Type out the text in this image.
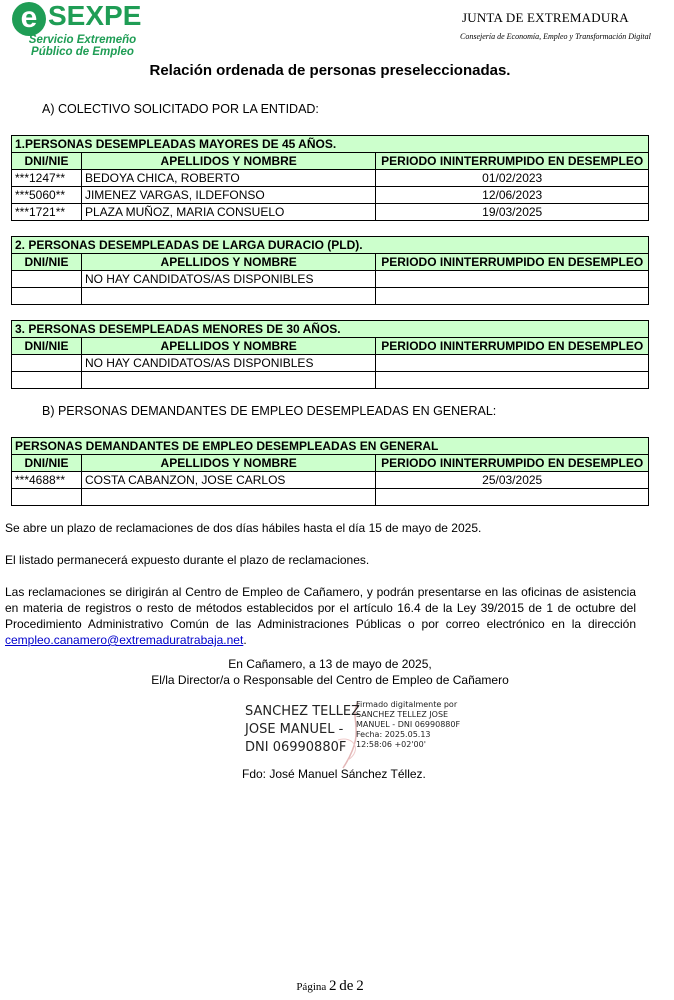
e SEXPE
Servicio Extremeño
Público de Empleo
JUNTA DE EXTREMADURA
Consejería de Economía, Empleo y Transformación Digital
Relación ordenada de personas preseleccionadas.
A) COLECTIVO SOLICITADO POR LA ENTIDAD:
1.PERSONAS DESEMPLEADAS MAYORES DE 45 AÑOS.		
DNI/NIE	APELLIDOS Y NOMBRE	PERIODO ININTERRUMPIDO EN DESEMPLEO
***1247**	BEDOYA CHICA, ROBERTO	01/02/2023
***5060**	JIMENEZ VARGAS, ILDEFONSO	12/06/2023
***1721**	PLAZA MUÑOZ, MARIA CONSUELO	19/03/2025
2. PERSONAS DESEMPLEADAS DE LARGA DURACIO (PLD).		
DNI/NIE	APELLIDOS Y NOMBRE	PERIODO ININTERRUMPIDO EN DESEMPLEO
	NO HAY CANDIDATOS/AS DISPONIBLES	

3. PERSONAS DESEMPLEADAS MENORES DE 30 AÑOS.		
DNI/NIE	APELLIDOS Y NOMBRE	PERIODO ININTERRUMPIDO EN DESEMPLEO
	NO HAY CANDIDATOS/AS DISPONIBLES	

B) PERSONAS DEMANDANTES DE EMPLEO DESEMPLEADAS EN GENERAL:
PERSONAS DEMANDANTES DE EMPLEO DESEMPLEADAS EN GENERAL		
DNI/NIE	APELLIDOS Y NOMBRE	PERIODO ININTERRUMPIDO EN DESEMPLEO
***4688**	COSTA CABANZON, JOSE CARLOS	25/03/2025

Se abre un plazo de reclamaciones de dos días hábiles hasta el día 15 de mayo de 2025.
El listado permanecerá expuesto durante el plazo de reclamaciones.
Las reclamaciones se dirigirán al Centro de Empleo de Cañamero, y podrán presentarse en las oficinas de asistencia en materia de registros o resto de métodos establecidos por el artículo 16.4 de la Ley 39/2015 de 1 de octubre del Procedimiento Administrativo Común de las Administraciones Públicas o por correo electrónico en la dirección cempleo.canamero@extremaduratrabaja.net.
En Cañamero, a 13 de mayo de 2025,
El/la Director/a o Responsable del Centro de Empleo de Cañamero
SANCHEZ TELLEZ
JOSE MANUEL -
DNI 06990880F
Firmado digitalmente por
SANCHEZ TELLEZ JOSE
MANUEL - DNI 06990880F
Fecha: 2025.05.13
12:58:06 +02'00'
Fdo: José Manuel Sánchez Téllez.
Página 2 de 2
